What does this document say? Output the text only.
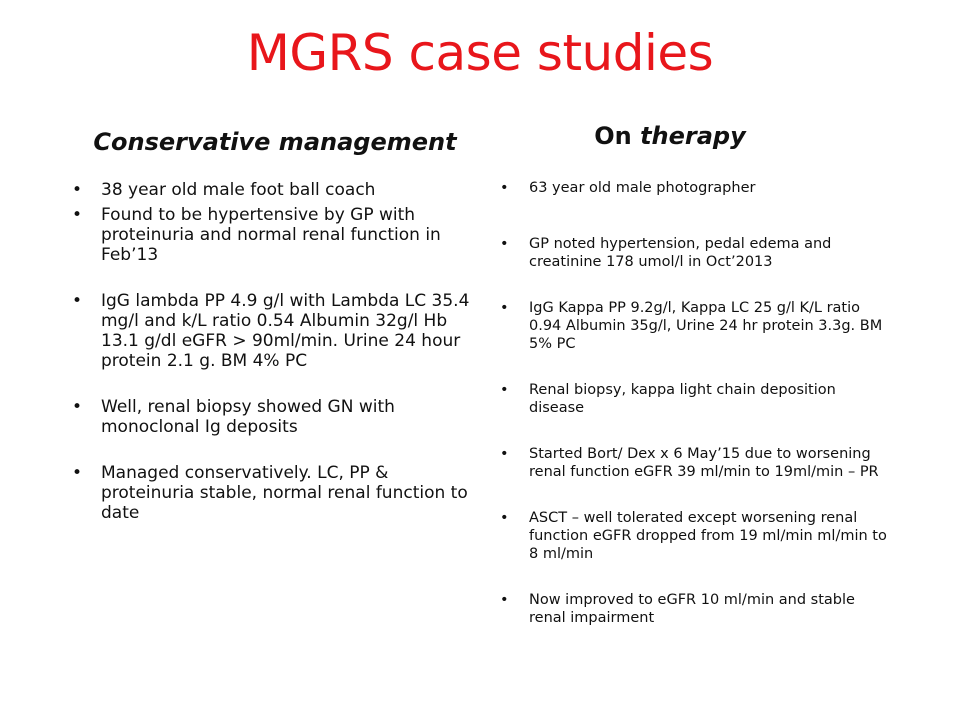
MGRS case studies
Conservative management	On therapy
• 38 year old male foot ball coach
• Found to be hypertensive by GP with proteinuria and normal renal function in Feb’13
• IgG lambda PP 4.9 g/l with Lambda LC 35.4 mg/l and k/L ratio 0.54 Albumin 32g/l Hb 13.1 g/dl eGFR > 90ml/min. Urine 24 hour protein 2.1 g. BM 4% PC
• Well, renal biopsy showed GN with monoclonal Ig deposits
• Managed conservatively. LC, PP & proteinuria stable, normal renal function to date
• 63 year old male photographer
• GP noted hypertension, pedal edema and creatinine 178 umol/l in Oct’2013
• IgG Kappa PP 9.2g/l, Kappa LC 25 g/l K/L ratio 0.94 Albumin 35g/l, Urine 24 hr protein 3.3g. BM 5% PC
• Renal biopsy, kappa light chain deposition disease
• Started Bort/ Dex x 6 May’15 due to worsening renal function eGFR 39 ml/min to 19ml/min – PR
• ASCT – well tolerated except worsening renal function eGFR dropped from 19 ml/min ml/min to 8 ml/min
• Now improved to eGFR 10 ml/min and stable renal impairment
